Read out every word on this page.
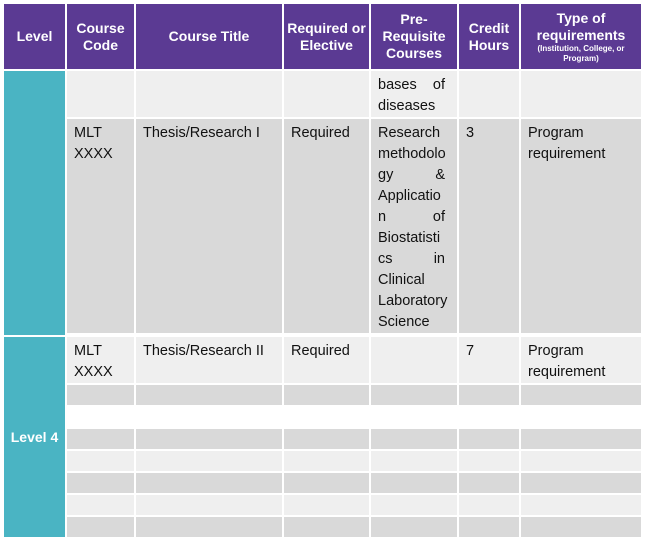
Level	Course Code	Course Title	Required or Elective	Pre-Requisite Courses	Credit Hours	Type of requirements
(Institution, College, or Program)

				bases of diseases		
	MLT XXXX	Thesis/Research I	Required	Research methodolo gy & Applicatio n of Biostatisti cs in Clinical Laboratory Science	3	Program requirement

Level 4	MLT XXXX	Thesis/Research II	Required		7	Program requirement
